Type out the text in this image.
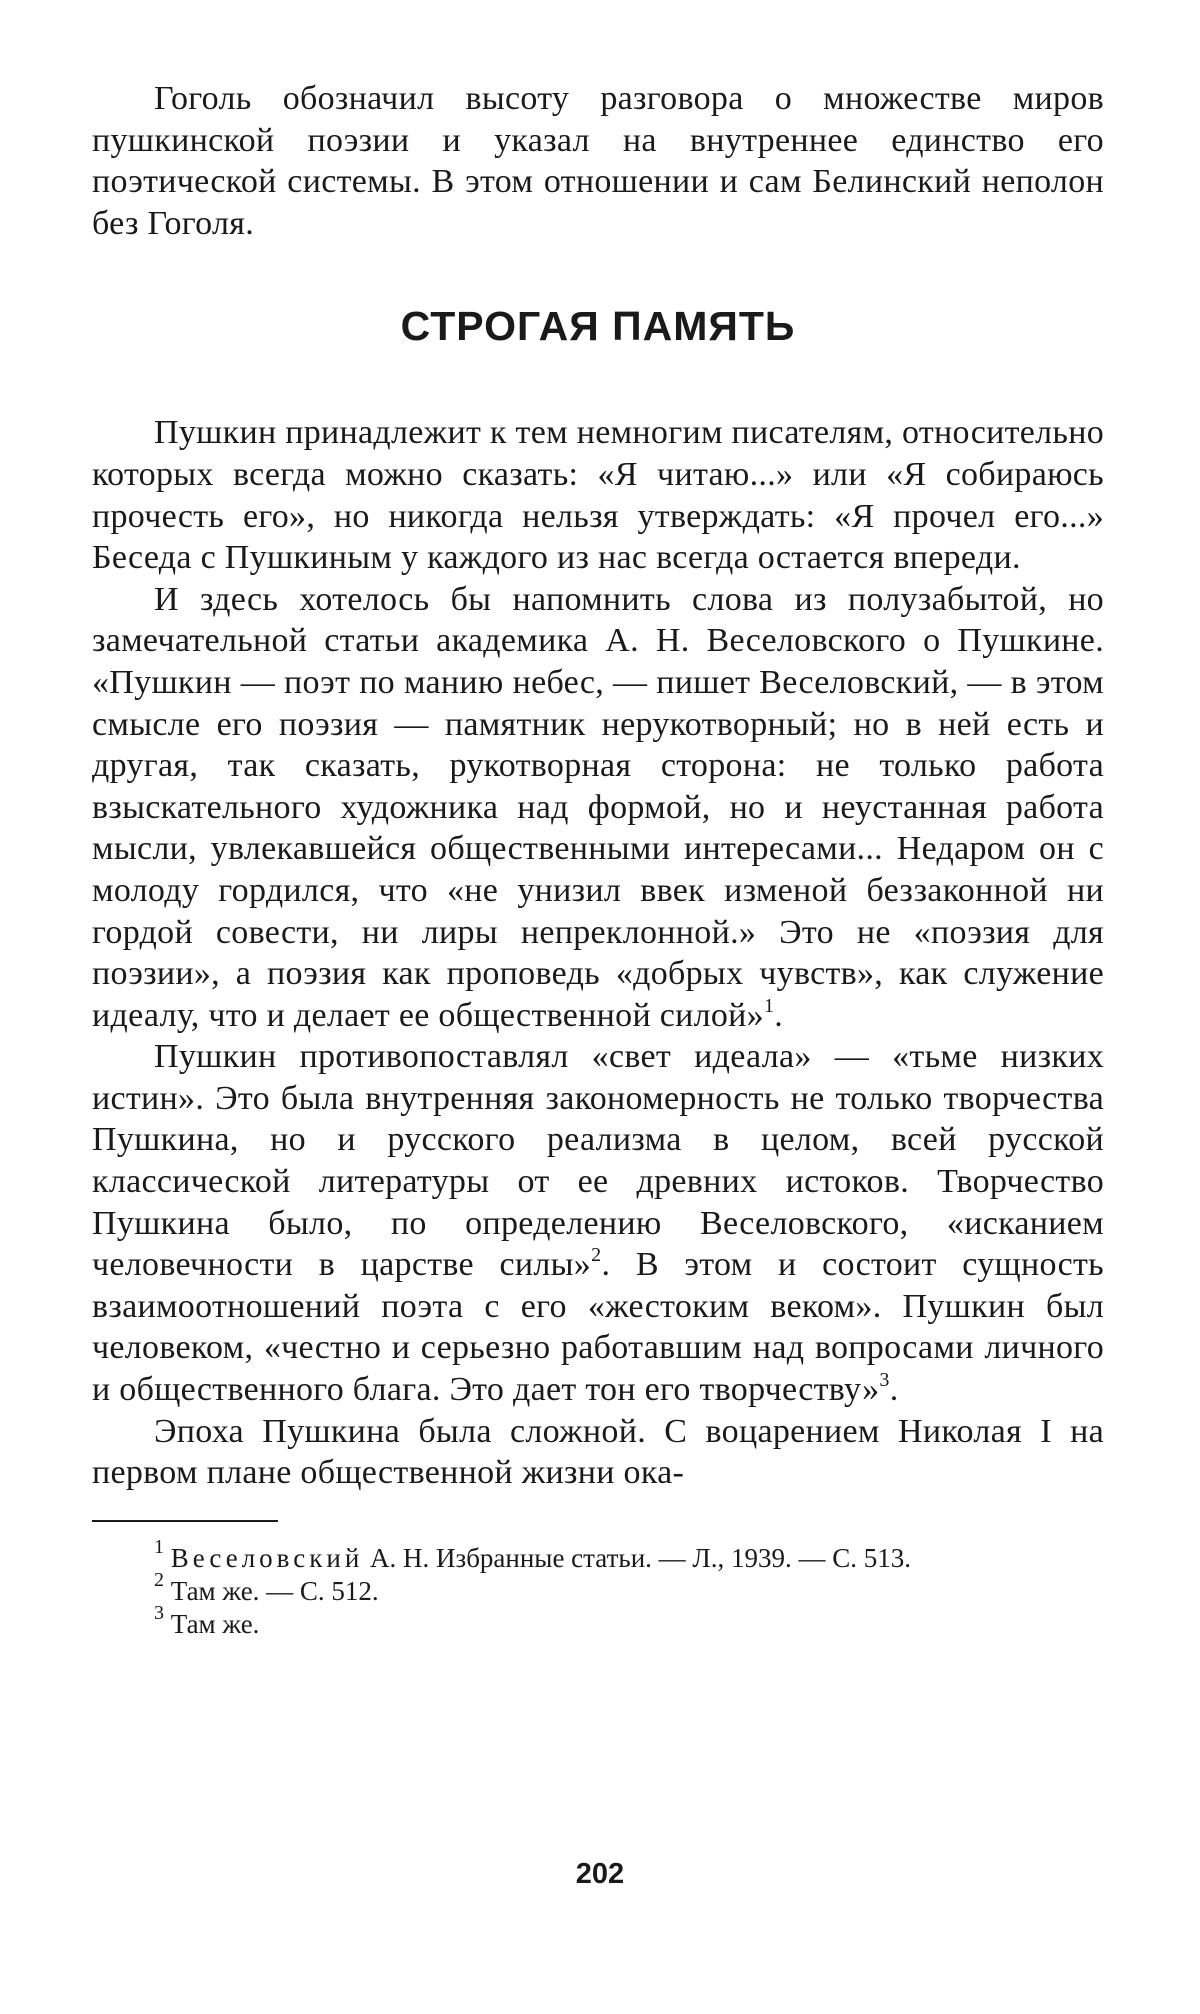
Гоголь обозначил высоту разговора о множестве миров пушкинской поэзии и указал на внутреннее единство его поэтической системы. В этом отношении и сам Белинский неполон без Гоголя.

СТРОГАЯ ПАМЯТЬ

Пушкин принадлежит к тем немногим писателям, относительно которых всегда можно сказать: «Я читаю...» или «Я собираюсь прочесть его», но никогда нельзя утверждать: «Я прочел его...» Беседа с Пушкиным у каждого из нас всегда остается впереди.

И здесь хотелось бы напомнить слова из полузабытой, но замечательной статьи академика А. Н. Веселовского о Пушкине. «Пушкин — поэт по манию небес, — пишет Веселовский, — в этом смысле его поэзия — памятник нерукотворный; но в ней есть и другая, так сказать, рукотворная сторона: не только работа взыскательного художника над формой, но и неустанная работа мысли, увлекавшейся общественными интересами... Недаром он с молоду гордился, что «не унизил ввек изменой беззаконной ни гордой совести, ни лиры непреклонной.» Это не «поэзия для поэзии», а поэзия как проповедь «добрых чувств», как служение идеалу, что и делает ее общественной силой»$^1$.

Пушкин противопоставлял «свет идеала» — «тьме низких истин». Это была внутренняя закономерность не только творчества Пушкина, но и русского реализма в целом, всей русской классической литературы от ее древних истоков. Творчество Пушкина было, по определению Веселовского, «исканием человечности в царстве силы»$^2$. В этом и состоит сущность взаимоотношений поэта с его «жестоким веком». Пушкин был человеком, «честно и серьезно работавшим над вопросами личного и общественного блага. Это дает тон его творчеству»$^3$.

Эпоха Пушкина была сложной. С воцарением Николая I на первом плане общественной жизни ока-

$^1$ Веселовский А. Н. Избранные статьи. — Л., 1939. — С. 513.

$^2$ Там же. — С. 512.

$^3$ Там же.

202
